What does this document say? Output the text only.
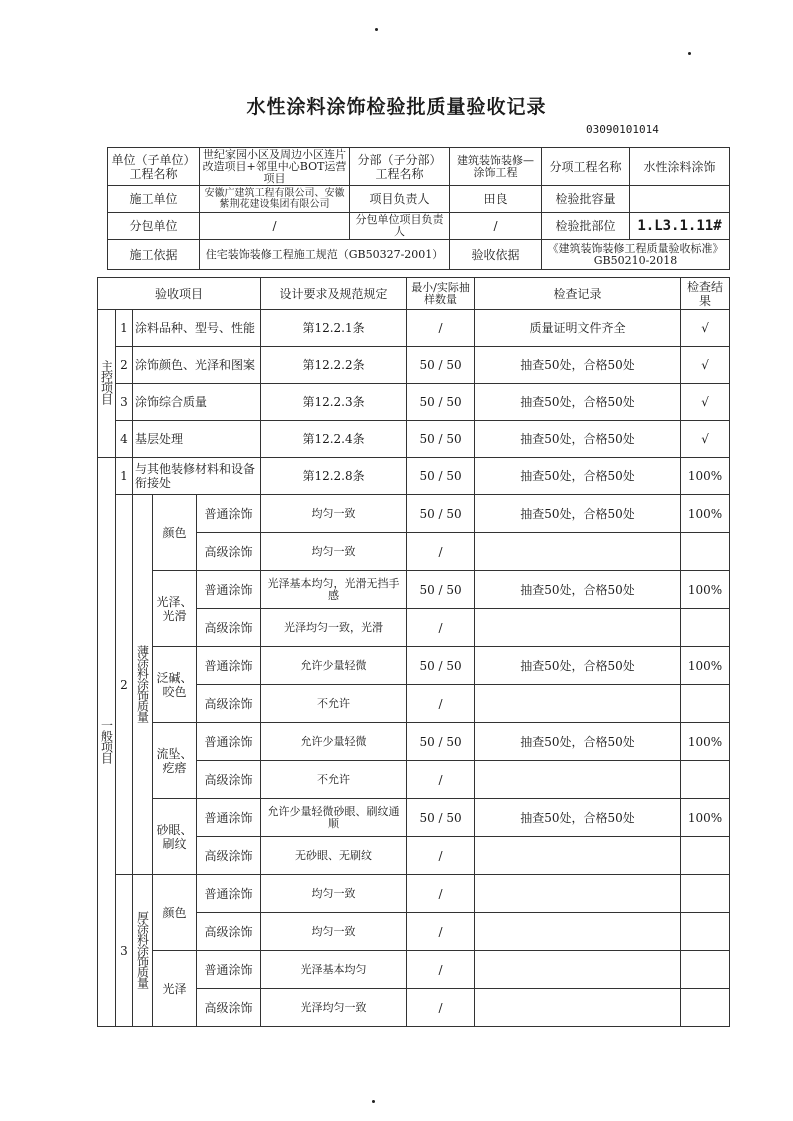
水性涂料涂饰检验批质量验收记录
03090101014
单位（子单位）工程名称	世纪家园小区及周边小区连片改造项目+邻里中心BOT运营项目	分部（子分部）工程名称	建筑装饰装修—涂饰工程	分项工程名称	水性涂料涂饰
施工单位	安徽广建筑工程有限公司、安徽紫荆花建设集团有限公司	项目负责人	田良	检验批容量	
分包单位	/	分包单位项目负责人	/	检验批部位	1.L3.1.11#
施工依据	住宅装饰装修工程施工规范（GB50327-2001）		验收依据	《建筑装饰装修工程质量验收标准》GB50210-2018	
验收项目					设计要求及规范规定	最小/实际抽样数量	检查记录	检查结果
主控项目	1	涂料品种、型号、性能			第12.2.1条	/	质量证明文件齐全	√
	2	涂饰颜色、光泽和图案			第12.2.2条	50 / 50	抽查50处，合格50处	√
	3	涂饰综合质量			第12.2.3条	50 / 50	抽查50处，合格50处	√
	4	基层处理			第12.2.4条	50 / 50	抽查50处，合格50处	√
一般项目	1	与其他装修材料和设备衔接处			第12.2.8条	50 / 50	抽查50处，合格50处	100%
	2	薄涂料涂饰质量	颜色	普通涂饰	均匀一致	50 / 50	抽查50处，合格50处	100%
				高级涂饰	均匀一致	/		
			光泽、光滑	普通涂饰	光泽基本均匀，光滑无挡手感	50 / 50	抽查50处，合格50处	100%
				高级涂饰	光泽均匀一致，光滑	/		
			泛碱、咬色	普通涂饰	允许少量轻微	50 / 50	抽查50处，合格50处	100%
				高级涂饰	不允许	/		
			流坠、疙瘩	普通涂饰	允许少量轻微	50 / 50	抽查50处，合格50处	100%
				高级涂饰	不允许	/		
			砂眼、刷纹	普通涂饰	允许少量轻微砂眼、刷纹通顺	50 / 50	抽查50处，合格50处	100%
				高级涂饰	无砂眼、无刷纹	/		
	3	厚涂料涂饰质量	颜色	普通涂饰	均匀一致	/		
				高级涂饰	均匀一致	/		
			光泽	普通涂饰	光泽基本均匀	/		
				高级涂饰	光泽均匀一致	/		
